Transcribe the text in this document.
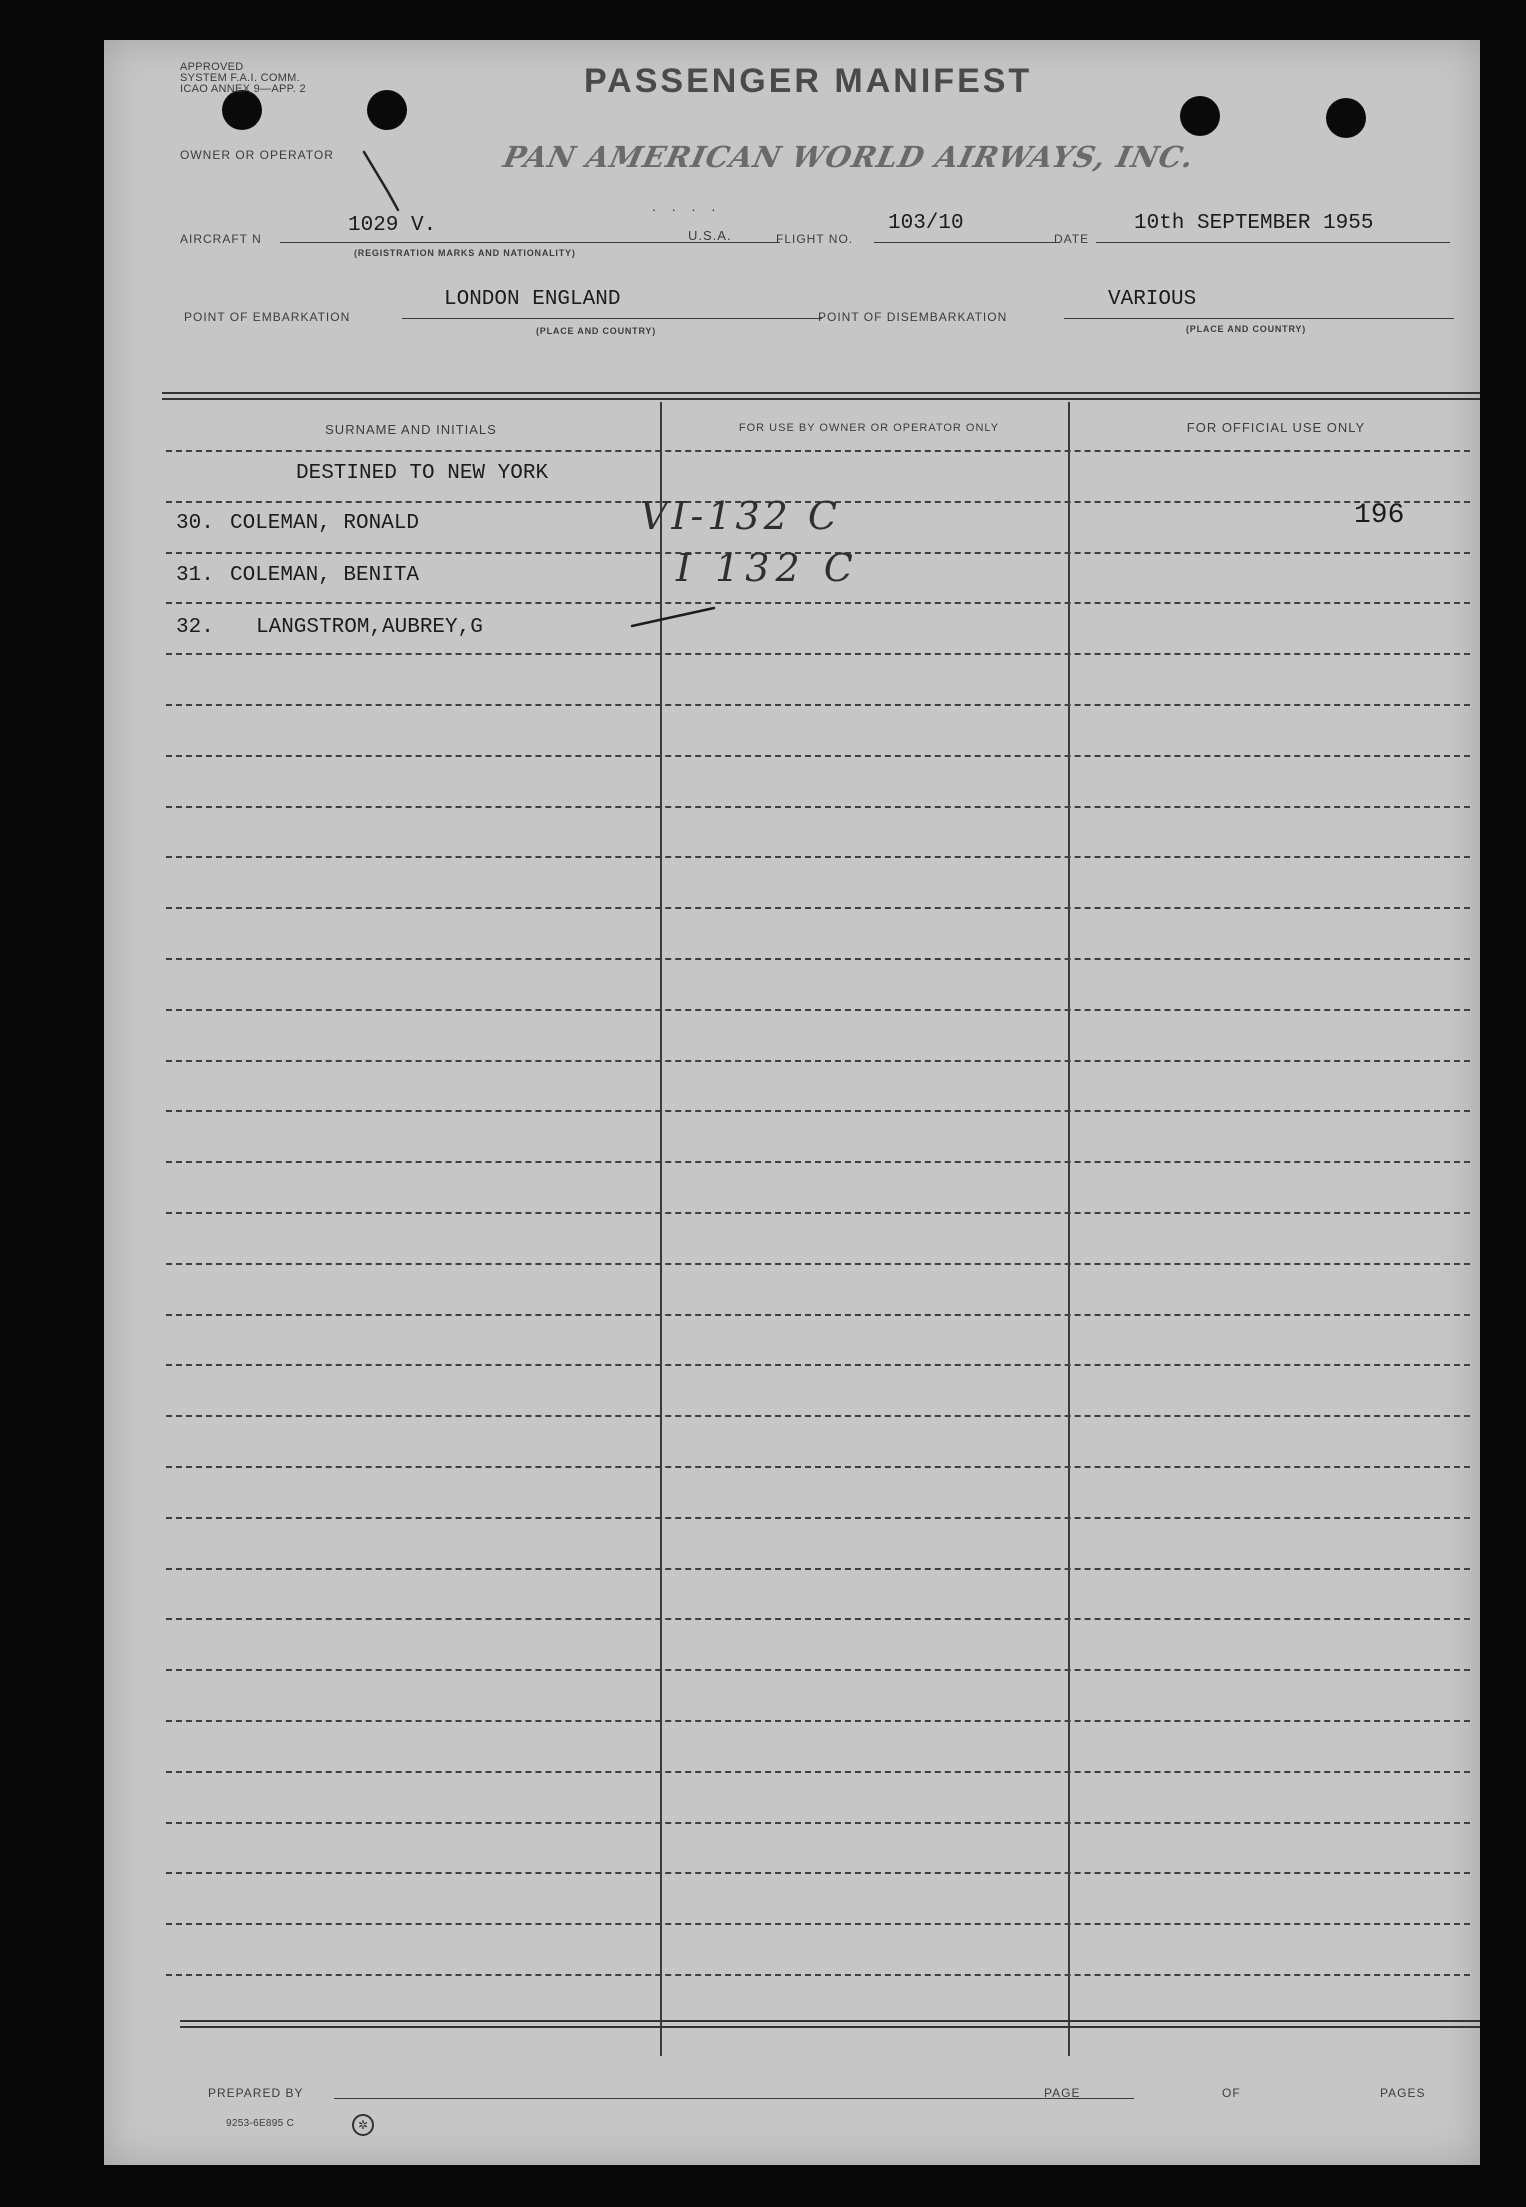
APPROVED
SYSTEM F.A.I. COMM.
ICAO ANNEX 9—APP. 2	PASSENGER MANIFEST
OWNER OR OPERATOR	PAN AMERICAN WORLD AIRWAYS, INC.
. . . .
AIRCRAFT N
1029 V.
(REGISTRATION MARKS AND NATIONALITY)
U.S.A.	FLIGHT NO.
103/10
DATE
10th SEPTEMBER 1955
POINT OF EMBARKATION
LONDON ENGLAND
(PLACE AND COUNTRY)
POINT OF DISEMBARKATION
VARIOUS
(PLACE AND COUNTRY)
SURNAME AND INITIALS	FOR USE BY OWNER OR OPERATOR ONLY	FOR OFFICIAL USE ONLY
DESTINED TO NEW YORK
30. COLEMAN, RONALD	VI-132 C	196
31. COLEMAN, BENITA	I 132 C
32. LANGSTROM,AUBREY,G
PREPARED BY	PAGE	OF	PAGES
9253-6E895 C	✲
